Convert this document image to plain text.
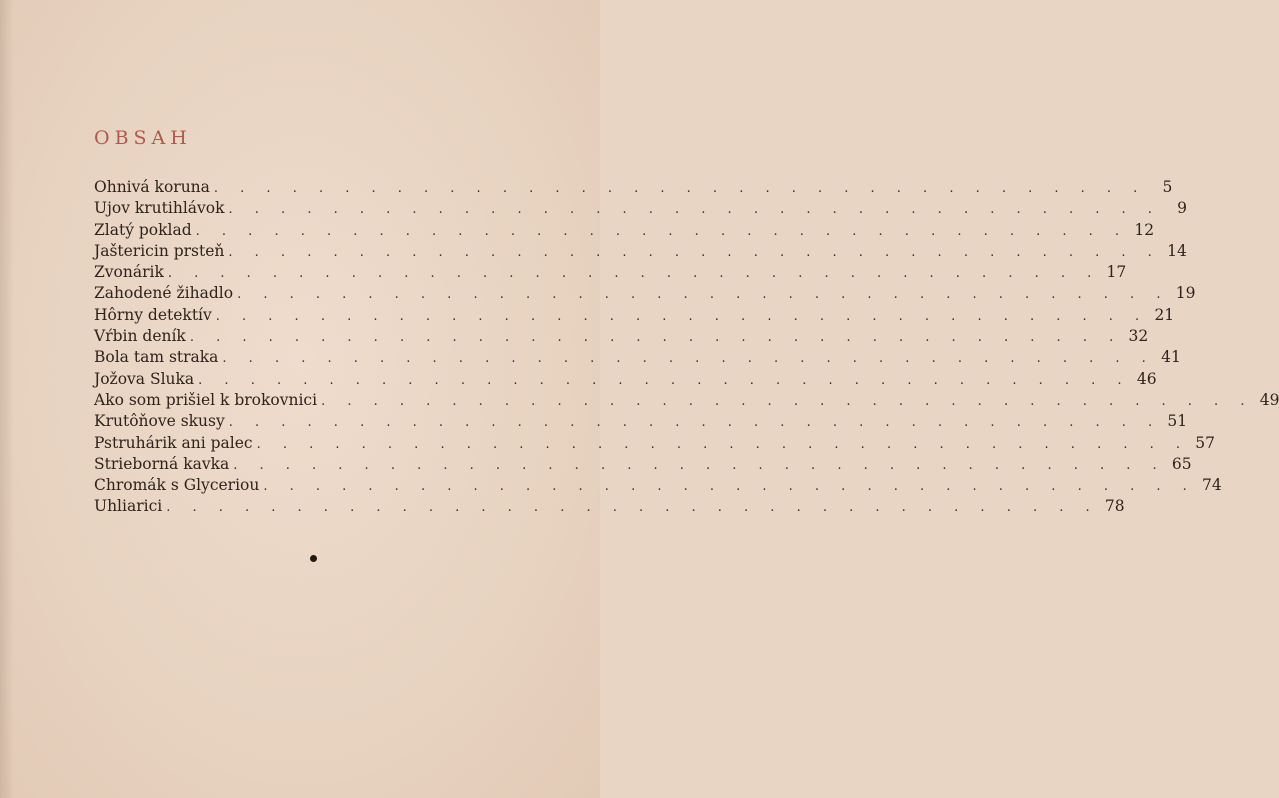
OBSAH
Ohnivá koruna . . . . . . . . . . . . . . . . . . . . . . . . . . . . . . . . . . . .	5
Ujov krutihlávok . . . . . . . . . . . . . . . . . . . . . . . . . . . . . . . . . . . .	9
Zlatý poklad . . . . . . . . . . . . . . . . . . . . . . . . . . . . . . . . . . . . 12
Jaštericin prsteň . . . . . . . . . . . . . . . . . . . . . . . . . . . . . . . . . . . . 14
Zvonárik . . . . . . . . . . . . . . . . . . . . . . . . . . . . . . . . . . . . 17
Zahodené žihadlo . . . . . . . . . . . . . . . . . . . . . . . . . . . . . . . . . . . . 19
Hôrny detektív . . . . . . . . . . . . . . . . . . . . . . . . . . . . . . . . . . . . 21
Vŕbin deník . . . . . . . . . . . . . . . . . . . . . . . . . . . . . . . . . . . . 32
Bola tam straka . . . . . . . . . . . . . . . . . . . . . . . . . . . . . . . . . . . . 41
Jožova Sluka . . . . . . . . . . . . . . . . . . . . . . . . . . . . . . . . . . . . 46
Ako som prišiel k brokovnici . . . . . . . . . . . . . . . . . . . . . . . . . . . . . . . . . . . . 49
Krutôňove skusy . . . . . . . . . . . . . . . . . . . . . . . . . . . . . . . . . . . . 51
Pstruhárik ani palec . . . . . . . . . . . . . . . . . . . . . . . . . . . . . . . . . . . . 57
Strieborná kavka . . . . . . . . . . . . . . . . . . . . . . . . . . . . . . . . . . . . 65
Chromák s Glyceriou . . . . . . . . . . . . . . . . . . . . . . . . . . . . . . . . . . . . 74
Uhliarici . . . . . . . . . . . . . . . . . . . . . . . . . . . . . . . . . . . . 78
